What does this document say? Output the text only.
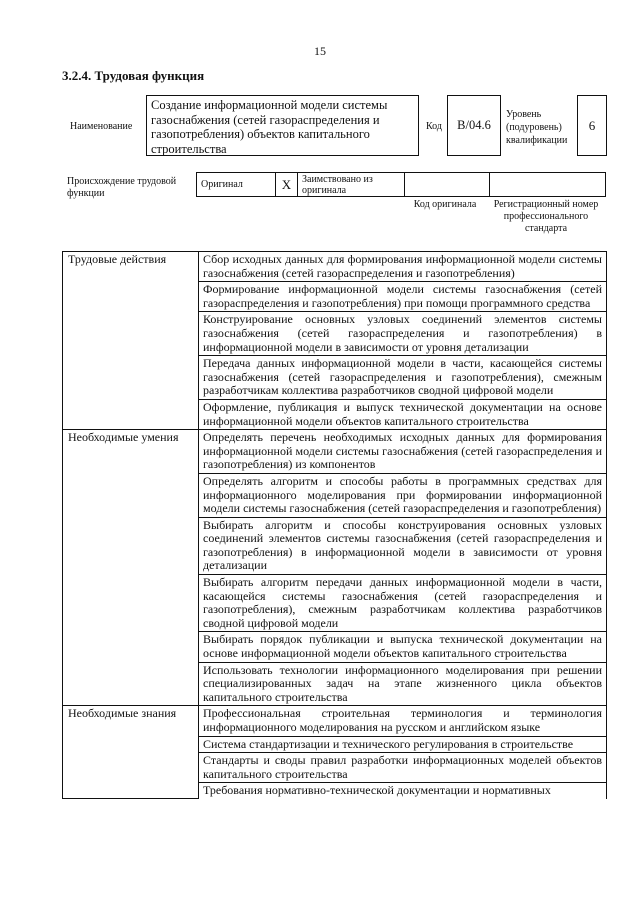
15
3.2.4. Трудовая функция
Наименование
Создание информационной модели системы газоснабжения (сетей газораспределения и газопотребления) объектов капитального строительства
Код B/04.6
Уровень (подуровень) квалификации
6
Происхождение трудовой функции
Оригинал	X	Заимствовано из оригинала		
Код оригинала	Регистрационный номер профессионального стандарта
Трудовые действия	Сбор исходных данных для формирования информационной модели системы газоснабжения (сетей газораспределения и газопотребления)
	Формирование информационной модели системы газоснабжения (сетей газораспределения и газопотребления) при помощи программного средства
	Конструирование основных узловых соединений элементов системы газоснабжения (сетей газораспределения и газопотребления) в информационной модели в зависимости от уровня детализации
	Передача данных информационной модели в части, касающейся системы газоснабжения (сетей газораспределения и газопотребления), смежным разработчикам коллектива разработчиков сводной цифровой модели
	Оформление, публикация и выпуск технической документации на основе информационной модели объектов капитального строительства
Необходимые умения	Определять перечень необходимых исходных данных для формирования информационной модели системы газоснабжения (сетей газораспределения и газопотребления) из компонентов
	Определять алгоритм и способы работы в программных средствах для информационного моделирования при формировании информационной модели системы газоснабжения (сетей газораспределения и газопотребления)
	Выбирать алгоритм и способы конструирования основных узловых соединений элементов системы газоснабжения (сетей газораспределения и газопотребления) в информационной модели в зависимости от уровня детализации
	Выбирать алгоритм передачи данных информационной модели в части, касающейся системы газоснабжения (сетей газораспределения и газопотребления), смежным разработчикам коллектива разработчиков сводной цифровой модели
	Выбирать порядок публикации и выпуска технической документации на основе информационной модели объектов капитального строительства
	Использовать технологии информационного моделирования при решении специализированных задач на этапе жизненного цикла объектов капитального строительства
Необходимые знания	Профессиональная строительная терминология и терминология информационного моделирования на русском и английском языке
	Система стандартизации и технического регулирования в строительстве
	Стандарты и своды правил разработки информационных моделей объектов капитального строительства
	Требования нормативно-технической документации и нормативных
